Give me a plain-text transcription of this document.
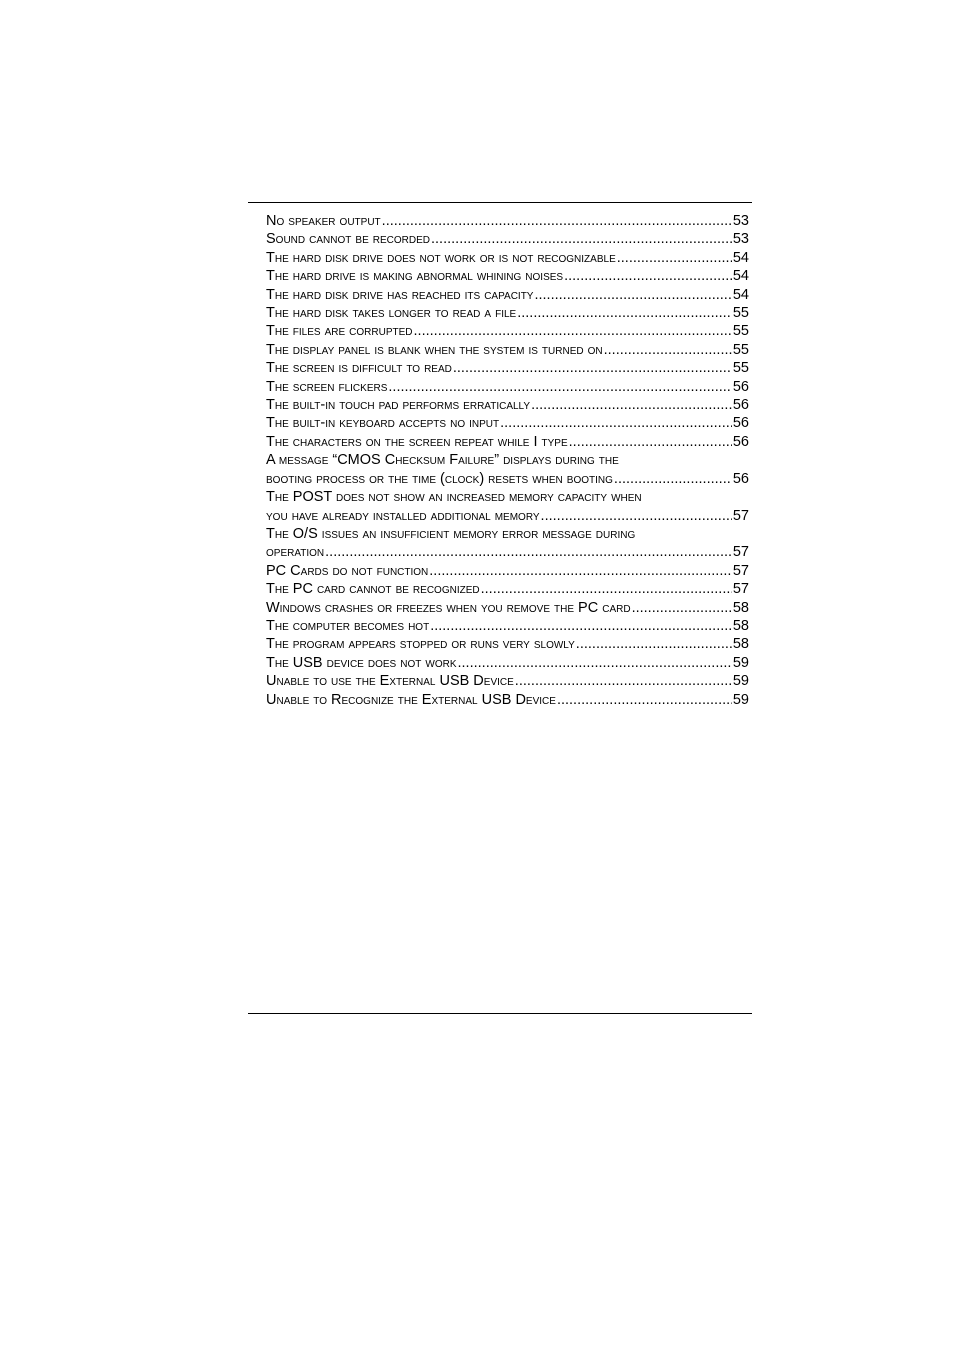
No speaker output .....	53
Sound cannot be recorded .....	53
The hard disk drive does not work or is not recognizable .....	54
The hard drive is making abnormal whining noises .....	54
The hard disk drive has reached its capacity .....	54
The hard disk takes longer to read a file .....	55
The files are corrupted .....	55
The display panel is blank when the system is turned on .....	55
The screen is difficult to read .....	55
The screen flickers .....	56
The built-in touch pad performs erratically .....	56
The built-in keyboard accepts no input .....	56
The characters on the screen repeat while I type .....	56
A message “CMOS Checksum Failure” displays during the
booting process or the time (clock) resets when booting .....	56
The POST does not show an increased memory capacity when
you have already installed additional memory .....	57
The O/S issues an insufficient memory error message during
operation .....	57
PC Cards do not function .....	57
The PC card cannot be recognized .....	57
Windows crashes or freezes when you remove the PC card .....	58
The computer becomes hot .....	58
The program appears stopped or runs very slowly .....	58
The USB device does not work .....	59
Unable to use the External USB Device .....	59
Unable to Recognize the External USB Device .....	59
